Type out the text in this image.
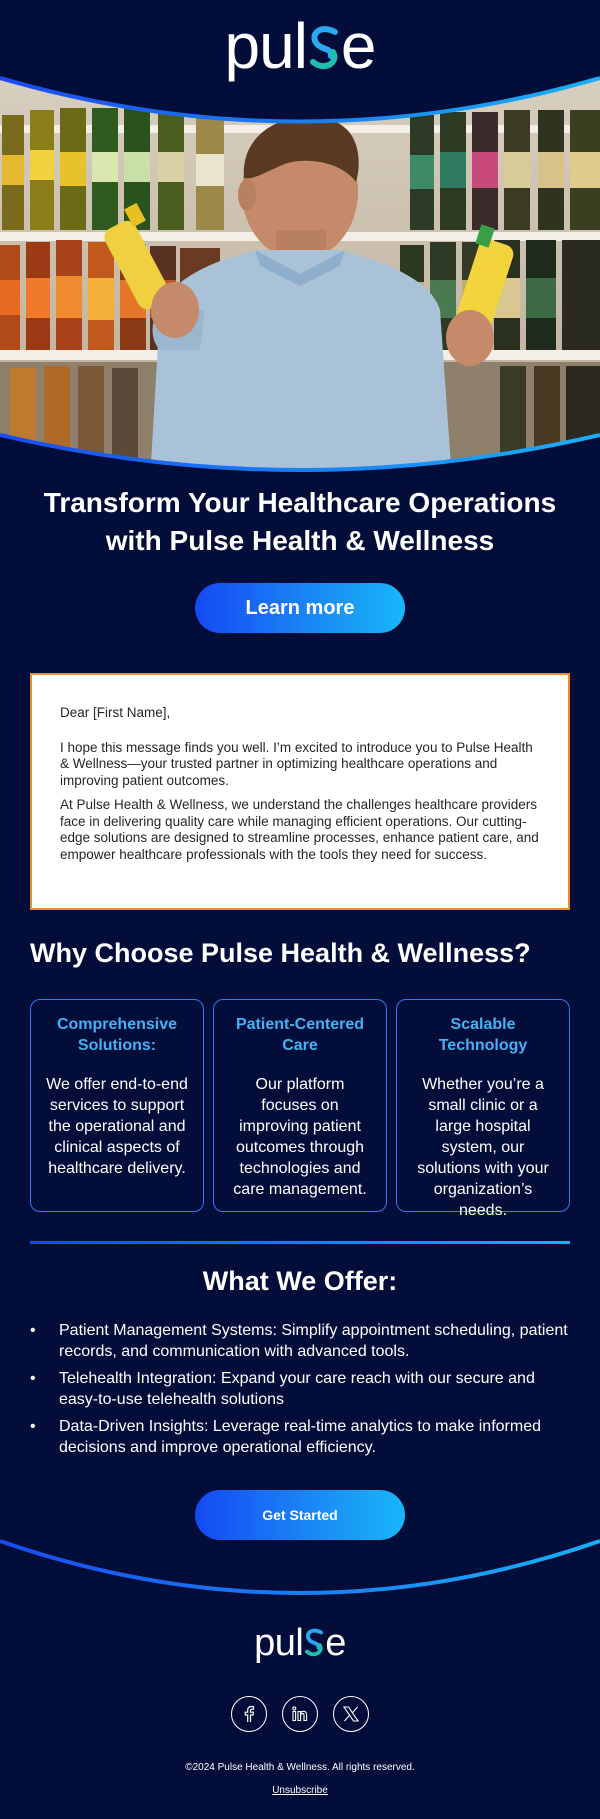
pul e
Transform Your Healthcare Operations with Pulse Health & Wellness
Learn more

Dear [First Name],

I hope this message finds you well. I’m excited to introduce you to Pulse Health & Wellness—your trusted partner in optimizing healthcare operations and improving patient outcomes.

At Pulse Health & Wellness, we understand the challenges healthcare providers face in delivering quality care while managing efficient operations. Our cutting-edge solutions are designed to streamline processes, enhance patient care, and empower healthcare professionals with the tools they need for success.

Why Choose Pulse Health & Wellness?

Comprehensive Solutions:

We offer end-to-end services to support the operational and clinical aspects of healthcare delivery.

Patient-Centered Care

Our platform focuses on improving patient outcomes through technologies and care management.

Scalable Technology

Whether you’re a small clinic or a large hospital system, our solutions with your organization’s needs.

What We Offer:
• Patient Management Systems: Simplify appointment scheduling, patient records, and communication with advanced tools.
• Telehealth Integration: Expand your care reach with our secure and easy-to-use telehealth solutions
• Data-Driven Insights: Leverage real-time analytics to make informed decisions and improve operational efficiency.
Get Started
pul e

©2024 Pulse Health & Wellness. All rights reserved.

Unsubscribe
